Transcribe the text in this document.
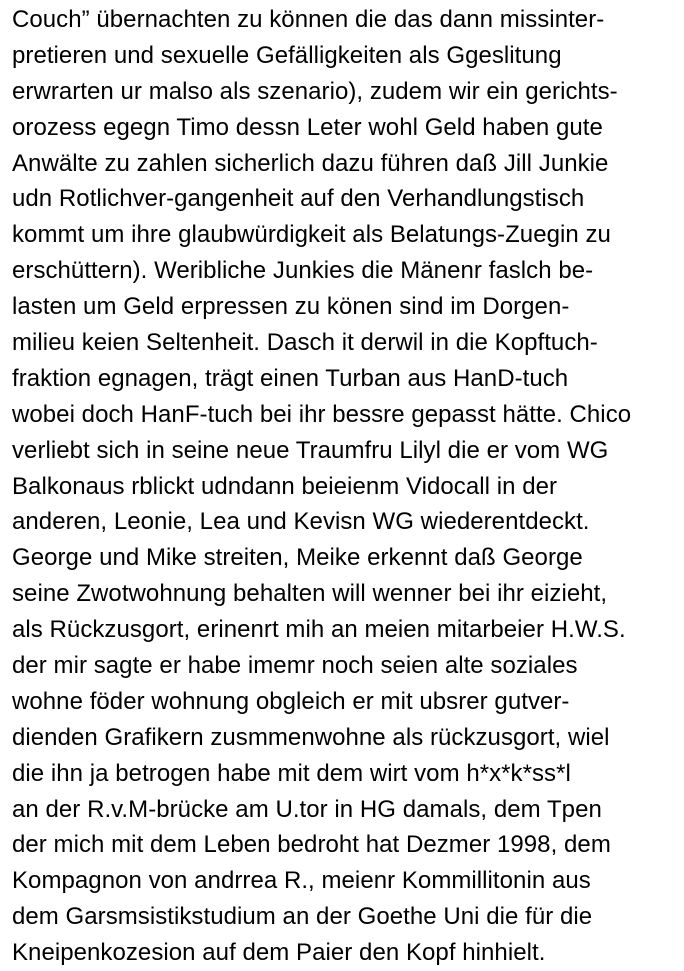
Couch” übernachten zu können die das dann missinter-
pretieren und sexuelle Gefälligkeiten als Ggeslitung
erwrarten ur malso als szenario), zudem wir ein gerichts-
orozess egegn Timo dessn Leter wohl Geld haben gute
Anwälte zu zahlen sicherlich dazu führen daß Jill Junkie
udn Rotlichver-gangenheit auf den Verhandlungstisch
kommt um ihre glaubwürdigkeit als Belatungs-Zuegin zu
erschüttern). Weribliche Junkies die Mänenr faslch be-
lasten um Geld erpressen zu könen sind im Dorgen-
milieu keien Seltenheit. Dasch it derwil in die Kopftuch-
fraktion egnagen, trägt einen Turban aus HanD-tuch
wobei doch HanF-tuch bei ihr bessre gepasst hätte. Chico
verliebt sich in seine neue Traumfru Lilyl die er vom WG
Balkonaus rblickt udndann beieienm Vidocall in der
anderen, Leonie, Lea und Kevisn WG wiederentdeckt.
George und Mike streiten, Meike erkennt daß George
seine Zwotwohnung behalten will wenner bei ihr eizieht,
als Rückzusgort, erinenrt mih an meien mitarbeier H.W.S.
der mir sagte er habe imemr noch seien alte soziales
wohne föder wohnung obgleich er mit ubsrer gutver-
dienden Grafikern zusmmenwohne als rückzusgort, wiel
die ihn ja betrogen habe mit dem wirt vom h*x*k*ss*l
an der R.v.M-brücke am U.tor in HG damals, dem Tpen
der mich mit dem Leben bedroht hat Dezmer 1998, dem
Kompagnon von andrrea R., meienr Kommillitonin aus
dem Garsmsistikstudium an der Goethe Uni die für die
Kneipenkozesion auf dem Paier den Kopf hinhielt.
